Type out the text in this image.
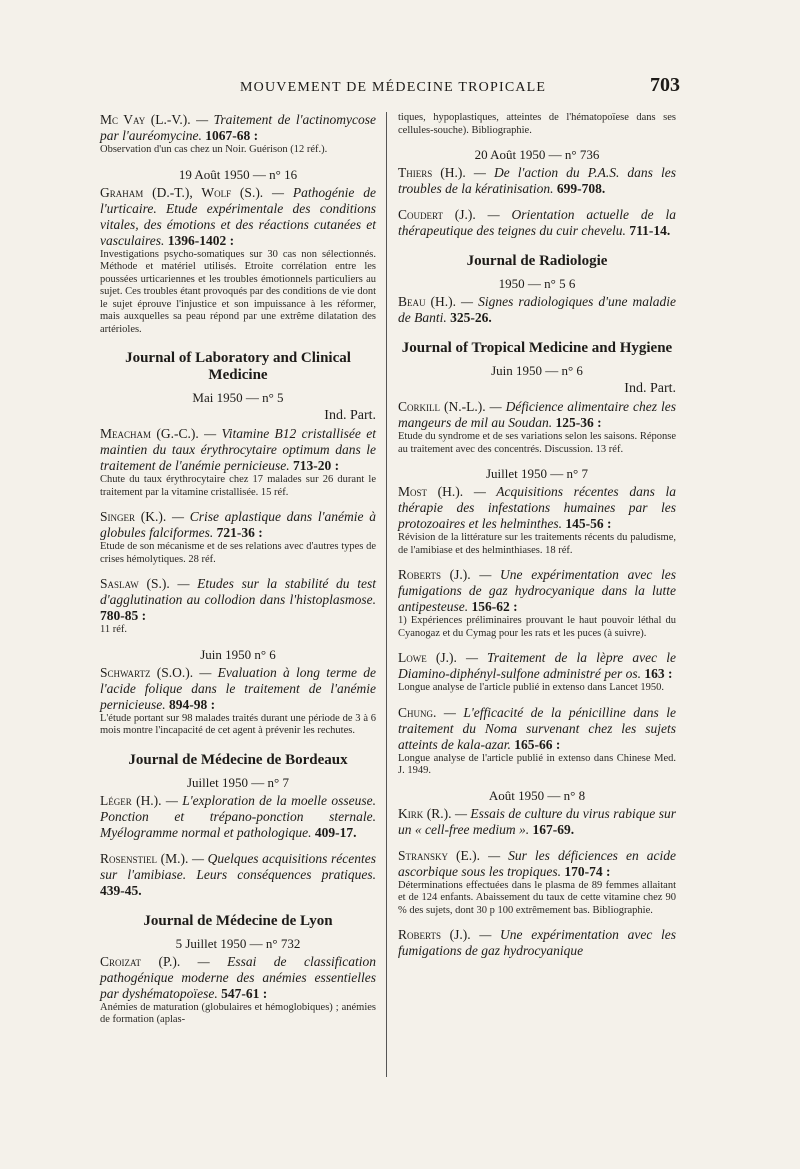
MOUVEMENT DE MÉDECINE TROPICALE	703

Mc Vay (L.-V.). — Traitement de l'actinomycose par l'auréomycine. 1067-68 :

Observation d'un cas chez un Noir. Guérison (12 réf.).

19 Août 1950 — n° 16

Graham (D.-T.), Wolf (S.). — Pathogénie de l'urticaire. Etude expérimentale des conditions vitales, des émotions et des réactions cutanées et vasculaires. 1396-1402 :

Investigations psycho-somatiques sur 30 cas non sélectionnés. Méthode et matériel utilisés. Etroite corrélation entre les poussées urticariennes et les troubles émotionnels particuliers au sujet. Ces troubles étant provoqués par des conditions de vie dont le sujet éprouve l'injustice et son impuissance à les réformer, mais auxquelles sa peau répond par une extrême dilatation des artérioles.

Journal of Laboratory and Clinical Medicine
Mai 1950 — n° 5
Ind. Part.

Meacham (G.-C.). — Vitamine B12 cristallisée et maintien du taux érythrocytaire optimum dans le traitement de l'anémie pernicieuse. 713-20 :

Chute du taux érythrocytaire chez 17 malades sur 26 durant le traitement par la vitamine cristallisée. 15 réf.

Singer (K.). — Crise aplastique dans l'anémie à globules falciformes. 721-36 :

Etude de son mécanisme et de ses relations avec d'autres types de crises hémolytiques. 28 réf.

Saslaw (S.). — Etudes sur la stabilité du test d'agglutination au collodion dans l'histoplasmose. 780-85 :

11 réf.

Juin 1950 n° 6

Schwartz (S.O.). — Evaluation à long terme de l'acide folique dans le traitement de l'anémie pernicieuse. 894-98 :

L'étude portant sur 98 malades traités durant une période de 3 à 6 mois montre l'incapacité de cet agent à prévenir les rechutes.

Journal de Médecine de Bordeaux
Juillet 1950 — n° 7

Léger (H.). — L'exploration de la moelle osseuse. Ponction et trépano-ponction sternale. Myélogramme normal et pathologique. 409-17.

Rosenstiel (M.). — Quelques acquisitions récentes sur l'amibiase. Leurs conséquences pratiques. 439-45.

Journal de Médecine de Lyon
5 Juillet 1950 — n° 732

Croizat (P.). — Essai de classification pathogénique moderne des anémies essentielles par dyshématopoïese. 547-61 :

Anémies de maturation (globulaires et hémoglobiques) ; anémies de formation (aplas-

tiques, hypoplastiques, atteintes de l'hématopoïese dans ses cellules-souche). Bibliographie.

20 Août 1950 — n° 736

Thiers (H.). — De l'action du P.A.S. dans les troubles de la kératinisation. 699-708.

Coudert (J.). — Orientation actuelle de la thérapeutique des teignes du cuir chevelu. 711-14.

Journal de Radiologie
1950 — n° 5 6

Beau (H.). — Signes radiologiques d'une maladie de Banti. 325-26.

Journal of Tropical Medicine and Hygiene
Juin 1950 — n° 6
Ind. Part.

Corkill (N.-L.). — Déficience alimentaire chez les mangeurs de mil au Soudan. 125-36 :

Etude du syndrome et de ses variations selon les saisons. Réponse au traitement avec des concentrés. Discussion. 13 réf.

Juillet 1950 — n° 7

Most (H.). — Acquisitions récentes dans la thérapie des infestations humaines par les protozoaires et les helminthes. 145-56 :

Révision de la littérature sur les traitements récents du paludisme, de l'amibiase et des helminthiases. 18 réf.

Roberts (J.). — Une expérimentation avec les fumigations de gaz hydrocyanique dans la lutte antipesteuse. 156-62 :

1) Expériences préliminaires prouvant le haut pouvoir léthal du Cyanogaz et du Cymag pour les rats et les puces (à suivre).

Lowe (J.). — Traitement de la lèpre avec le Diamino-diphényl-sulfone administré per os. 163 :

Longue analyse de l'article publié in extenso dans Lancet 1950.

Chung. — L'efficacité de la pénicilline dans le traitement du Noma survenant chez les sujets atteints de kala-azar. 165-66 :

Longue analyse de l'article publié in extenso dans Chinese Med. J. 1949.

Août 1950 — n° 8

Kirk (R.). — Essais de culture du virus rabique sur un « cell-free medium ». 167-69.

Stransky (E.). — Sur les déficiences en acide ascorbique sous les tropiques. 170-74 :

Déterminations effectuées dans le plasma de 89 femmes allaitant et de 124 enfants. Abaissement du taux de cette vitamine chez 90 % des sujets, dont 30 p 100 extrêmement bas. Bibliographie.

Roberts (J.). — Une expérimentation avec les fumigations de gaz hydrocyanique
